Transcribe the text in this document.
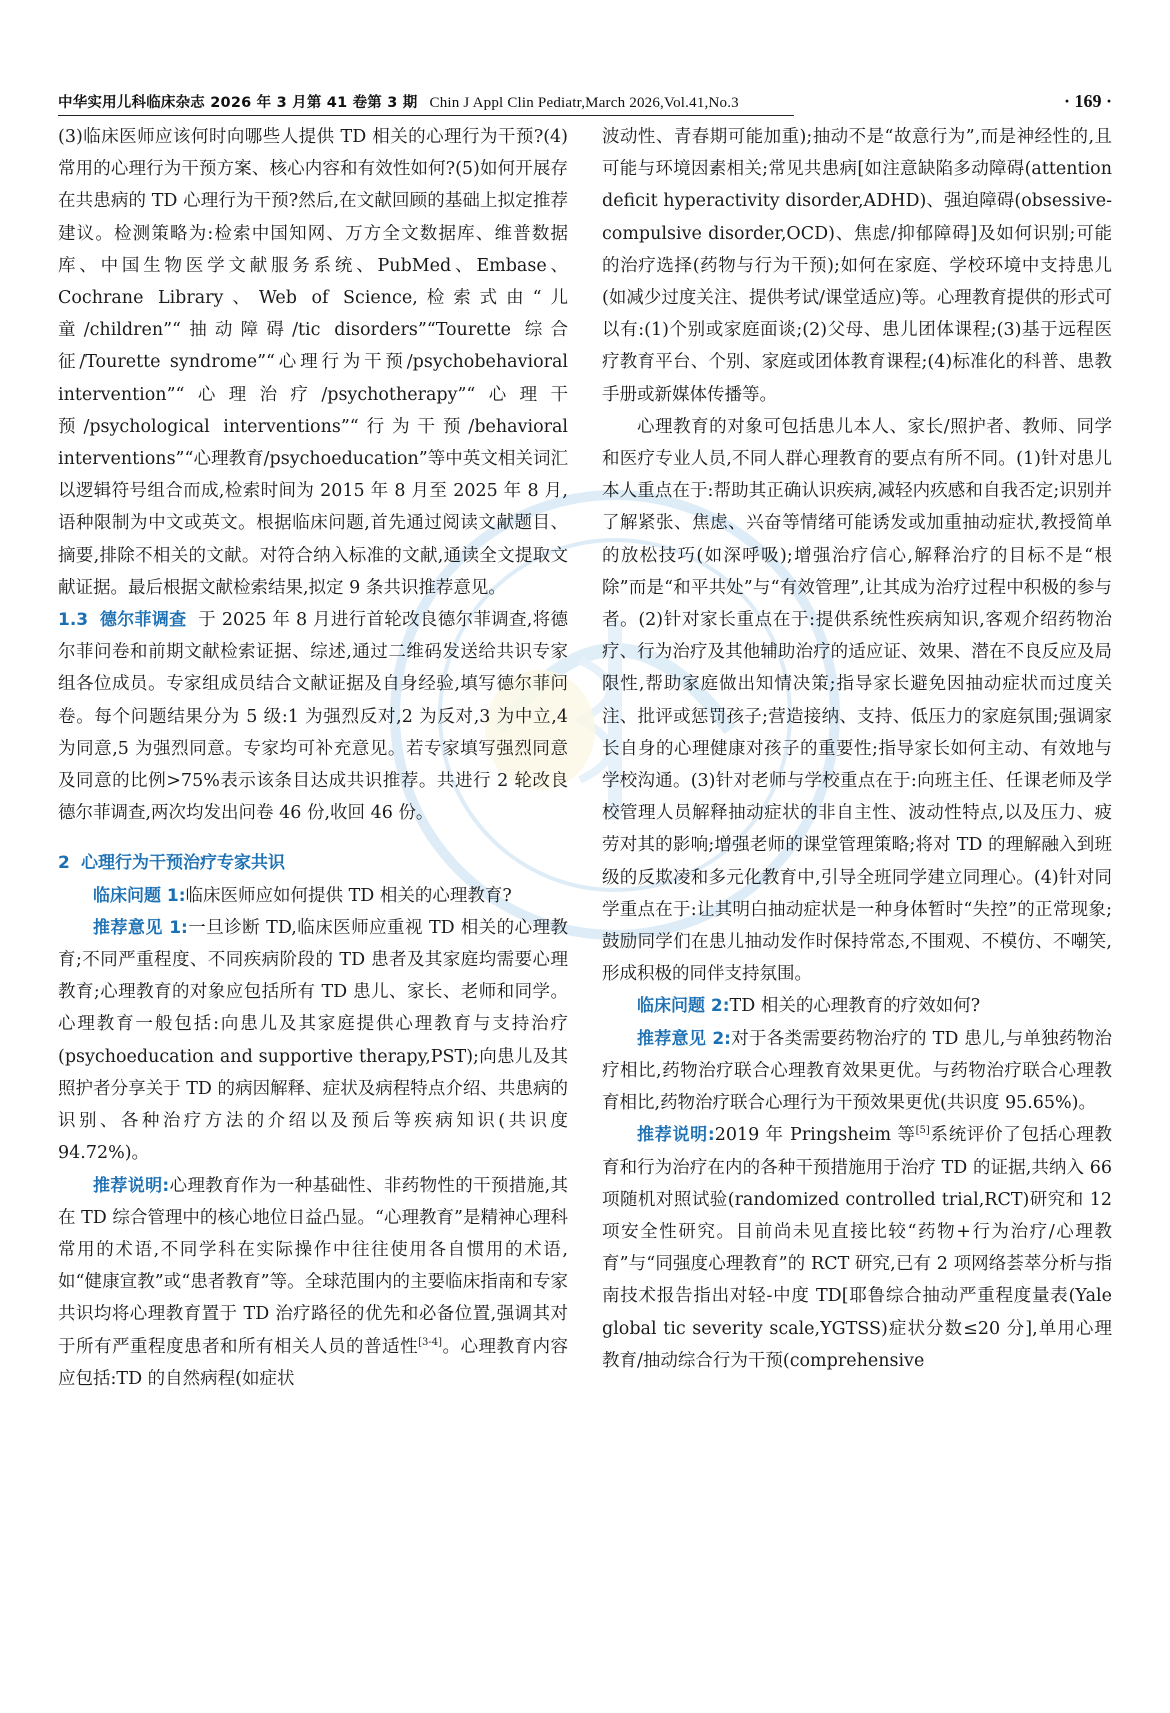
中华实用儿科临床杂志 2026 年 3 月第 41 卷第 3 期 Chin J Appl Clin Pediatr,March 2026,Vol.41,No.3	· 169 ·

(3)临床医师应该何时向哪些人提供 TD 相关的心理行为干预?(4)常用的心理行为干预方案、核心内容和有效性如何?(5)如何开展存在共患病的 TD 心理行为干预?然后,在文献回顾的基础上拟定推荐建议。检测策略为:检索中国知网、万方全文数据库、维普数据库、中国生物医学文献服务系统、PubMed、Embase、Cochrane Library、Web of Science,检索式由“儿童/children”“抽动障碍/tic disorders”“Tourette 综合征/Tourette syndrome”“心理行为干预/psychobehavioral intervention”“心理治疗/psychotherapy”“心理干预/psychological interventions”“行为干预/behavioral interventions”“心理教育/psychoeducation”等中英文相关词汇以逻辑符号组合而成,检索时间为 2015 年 8 月至 2025 年 8 月,语种限制为中文或英文。根据临床问题,首先通过阅读文献题目、摘要,排除不相关的文献。对符合纳入标准的文献,通读全文提取文献证据。最后根据文献检索结果,拟定 9 条共识推荐意见。

1.3 德尔菲调查 于 2025 年 8 月进行首轮改良德尔菲调查,将德尔菲问卷和前期文献检索证据、综述,通过二维码发送给共识专家组各位成员。专家组成员结合文献证据及自身经验,填写德尔菲问卷。每个问题结果分为 5 级:1 为强烈反对,2 为反对,3 为中立,4 为同意,5 为强烈同意。专家均可补充意见。若专家填写强烈同意及同意的比例>75%表示该条目达成共识推荐。共进行 2 轮改良德尔菲调查,两次均发出问卷 46 份,收回 46 份。

2 心理行为干预治疗专家共识

临床问题 1:临床医师应如何提供 TD 相关的心理教育?

推荐意见 1:一旦诊断 TD,临床医师应重视 TD 相关的心理教育;不同严重程度、不同疾病阶段的 TD 患者及其家庭均需要心理教育;心理教育的对象应包括所有 TD 患儿、家长、老师和同学。心理教育一般包括:向患儿及其家庭提供心理教育与支持治疗(psychoeducation and supportive therapy,PST);向患儿及其照护者分享关于 TD 的病因解释、症状及病程特点介绍、共患病的识别、各种治疗方法的介绍以及预后等疾病知识(共识度 94.72%)。

推荐说明:心理教育作为一种基础性、非药物性的干预措施,其在 TD 综合管理中的核心地位日益凸显。“心理教育”是精神心理科常用的术语,不同学科在实际操作中往往使用各自惯用的术语,如“健康宣教”或“患者教育”等。全球范围内的主要临床指南和专家共识均将心理教育置于 TD 治疗路径的优先和必备位置,强调其对于所有严重程度患者和所有相关人员的普适性[3-4]。心理教育内容应包括:TD 的自然病程(如症状

波动性、青春期可能加重);抽动不是“故意行为”,而是神经性的,且可能与环境因素相关;常见共患病[如注意缺陷多动障碍(attention deficit hyperactivity disorder,ADHD)、强迫障碍(obsessive-compulsive disorder,OCD)、焦虑/抑郁障碍]及如何识别;可能的治疗选择(药物与行为干预);如何在家庭、学校环境中支持患儿(如减少过度关注、提供考试/课堂适应)等。心理教育提供的形式可以有:(1)个别或家庭面谈;(2)父母、患儿团体课程;(3)基于远程医疗教育平台、个别、家庭或团体教育课程;(4)标准化的科普、患教手册或新媒体传播等。

心理教育的对象可包括患儿本人、家长/照护者、教师、同学和医疗专业人员,不同人群心理教育的要点有所不同。(1)针对患儿本人重点在于:帮助其正确认识疾病,减轻内疚感和自我否定;识别并了解紧张、焦虑、兴奋等情绪可能诱发或加重抽动症状,教授简单的放松技巧(如深呼吸);增强治疗信心,解释治疗的目标不是“根除”而是“和平共处”与“有效管理”,让其成为治疗过程中积极的参与者。(2)针对家长重点在于:提供系统性疾病知识,客观介绍药物治疗、行为治疗及其他辅助治疗的适应证、效果、潜在不良反应及局限性,帮助家庭做出知情决策;指导家长避免因抽动症状而过度关注、批评或惩罚孩子;营造接纳、支持、低压力的家庭氛围;强调家长自身的心理健康对孩子的重要性;指导家长如何主动、有效地与学校沟通。(3)针对老师与学校重点在于:向班主任、任课老师及学校管理人员解释抽动症状的非自主性、波动性特点,以及压力、疲劳对其的影响;增强老师的课堂管理策略;将对 TD 的理解融入到班级的反欺凌和多元化教育中,引导全班同学建立同理心。(4)针对同学重点在于:让其明白抽动症状是一种身体暂时“失控”的正常现象;鼓励同学们在患儿抽动发作时保持常态,不围观、不模仿、不嘲笑,形成积极的同伴支持氛围。

临床问题 2:TD 相关的心理教育的疗效如何?

推荐意见 2:对于各类需要药物治疗的 TD 患儿,与单独药物治疗相比,药物治疗联合心理教育效果更优。与药物治疗联合心理教育相比,药物治疗联合心理行为干预效果更优(共识度 95.65%)。

推荐说明:2019 年 Pringsheim 等[5]系统评价了包括心理教育和行为治疗在内的各种干预措施用于治疗 TD 的证据,共纳入 66 项随机对照试验(randomized controlled trial,RCT)研究和 12 项安全性研究。目前尚未见直接比较“药物+行为治疗/心理教育”与“同强度心理教育”的 RCT 研究,已有 2 项网络荟萃分析与指南技术报告指出对轻-中度 TD[耶鲁综合抽动严重程度量表(Yale global tic severity scale,YGTSS)症状分数≤20 分],单用心理教育/抽动综合行为干预(comprehensive
